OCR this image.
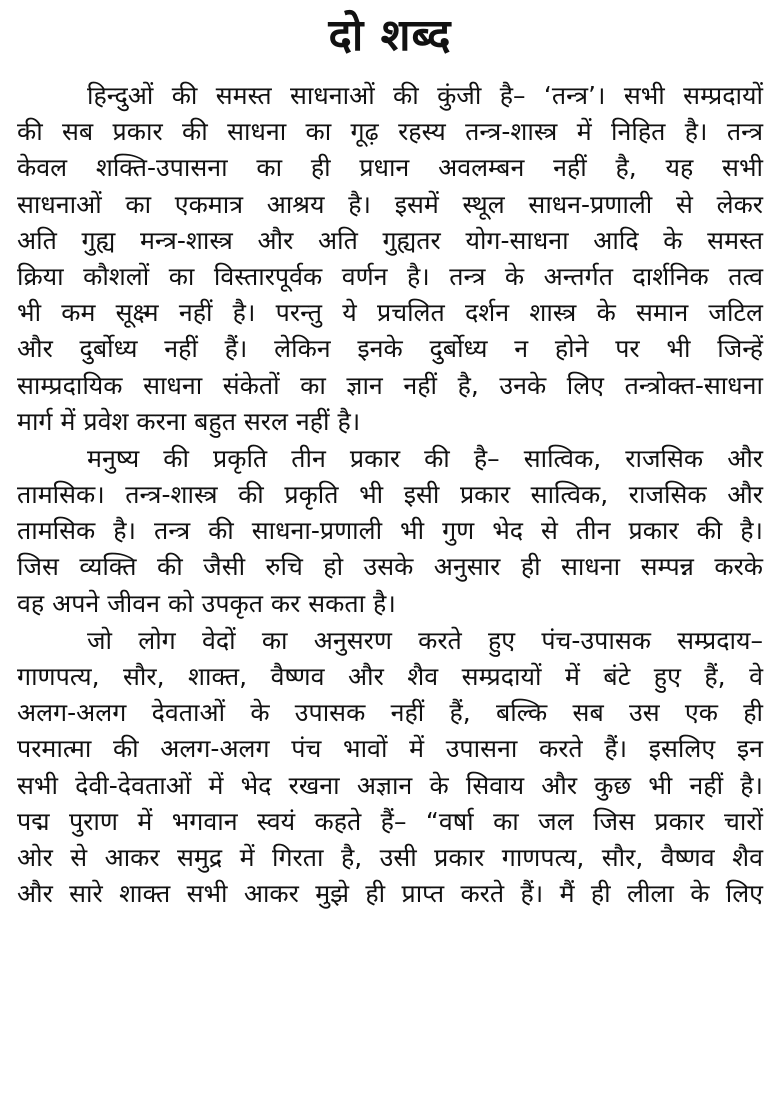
दो शब्द
हिन्दुओं की समस्त साधनाओं की कुंजी है– ‘तन्त्र’। सभी सम्प्रदायों
की सब प्रकार की साधना का गूढ़ रहस्य तन्त्र-शास्त्र में निहित है। तन्त्र
केवल शक्ति-उपासना का ही प्रधान अवलम्बन नहीं है, यह सभी
साधनाओं का एकमात्र आश्रय है। इसमें स्थूल साधन-प्रणाली से लेकर
अति गुह्य मन्त्र-शास्त्र और अति गुह्यतर योग-साधना आदि के समस्त
क्रिया कौशलों का विस्तारपूर्वक वर्णन है। तन्त्र के अन्तर्गत दार्शनिक तत्व
भी कम सूक्ष्म नहीं है। परन्तु ये प्रचलित दर्शन शास्त्र के समान जटिल
और दुर्बोध्य नहीं हैं। लेकिन इनके दुर्बोध्य न होने पर भी जिन्हें
साम्प्रदायिक साधना संकेतों का ज्ञान नहीं है, उनके लिए तन्त्रोक्त-साधना
मार्ग में प्रवेश करना बहुत सरल नहीं है।
मनुष्य की प्रकृति तीन प्रकार की है– सात्विक, राजसिक और
तामसिक। तन्त्र-शास्त्र की प्रकृति भी इसी प्रकार सात्विक, राजसिक और
तामसिक है। तन्त्र की साधना-प्रणाली भी गुण भेद से तीन प्रकार की है।
जिस व्यक्ति की जैसी रुचि हो उसके अनुसार ही साधना सम्पन्न करके
वह अपने जीवन को उपकृत कर सकता है।
जो लोग वेदों का अनुसरण करते हुए पंच-उपासक सम्प्रदाय–
गाणपत्य, सौर, शाक्त, वैष्णव और शैव सम्प्रदायों में बंटे हुए हैं, वे
अलग-अलग देवताओं के उपासक नहीं हैं, बल्कि सब उस एक ही
परमात्मा की अलग-अलग पंच भावों में उपासना करते हैं। इसलिए इन
सभी देवी-देवताओं में भेद रखना अज्ञान के सिवाय और कुछ भी नहीं है।
पद्म पुराण में भगवान स्वयं कहते हैं– “वर्षा का जल जिस प्रकार चारों
ओर से आकर समुद्र में गिरता है, उसी प्रकार गाणपत्य, सौर, वैष्णव शैव
और सारे शाक्त सभी आकर मुझे ही प्राप्त करते हैं। मैं ही लीला के लिए
